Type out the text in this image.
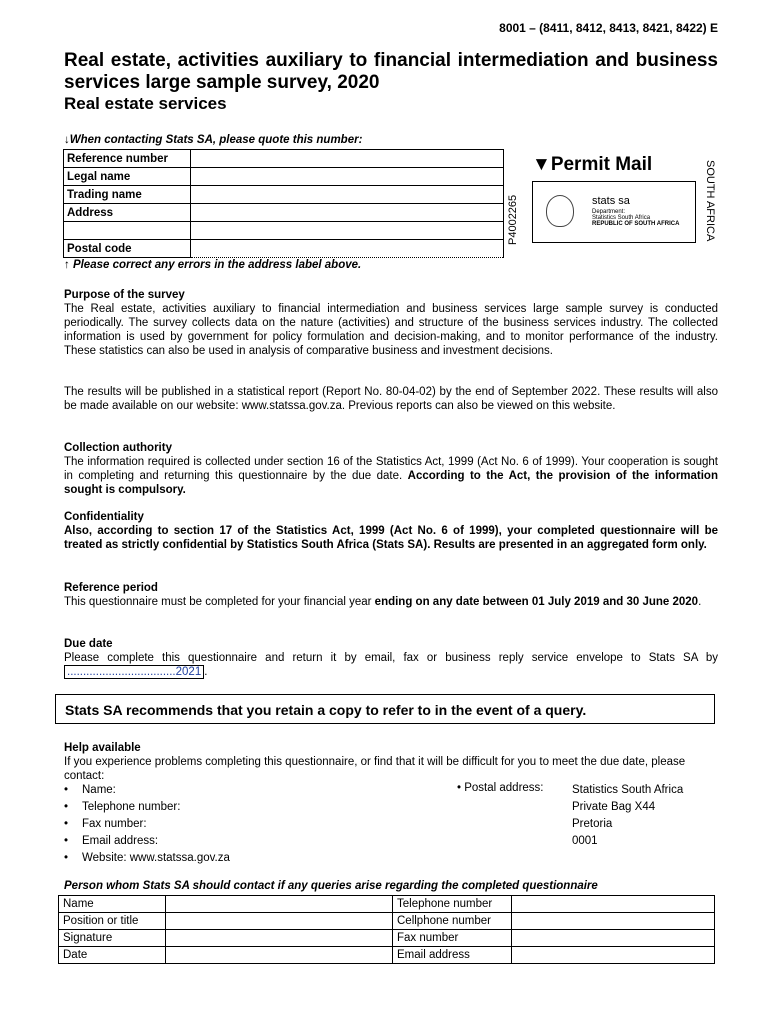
8001 – (8411, 8412, 8413, 8421, 8422) E
Real estate, activities auxiliary to financial intermediation and business services large sample survey, 2020
Real estate services
↓When contacting Stats SA, please quote this number:
Reference number	
Legal name	
Trading name	
Address	

Postal code	
↑ Please correct any errors in the address label above.
P4002265
▼Permit Mail
stats sa
Department:
Statistics South Africa
REPUBLIC OF SOUTH AFRICA SOUTH AFRICA
Purpose of the survey
The Real estate, activities auxiliary to financial intermediation and business services large sample survey is conducted periodically. The survey collects data on the nature (activities) and structure of the business services industry. The collected information is used by government for policy formulation and decision-making, and to monitor performance of the industry. These statistics can also be used in analysis of comparative business and investment decisions.
The results will be published in a statistical report (Report No. 80-04-02) by the end of September 2022. These results will also be made available on our website: www.statssa.gov.za. Previous reports can also be viewed on this website.
Collection authority
The information required is collected under section 16 of the Statistics Act, 1999 (Act No. 6 of 1999). Your cooperation is sought in completing and returning this questionnaire by the due date. According to the Act, the provision of the information sought is compulsory.
Confidentiality
Also, according to section 17 of the Statistics Act, 1999 (Act No. 6 of 1999), your completed questionnaire will be treated as strictly confidential by Statistics South Africa (Stats SA). Results are presented in an aggregated form only.
Reference period
This questionnaire must be completed for your financial year ending on any date between 01 July 2019 and 30 June 2020.
Due date
Please complete this questionnaire and return it by email, fax or business reply service envelope to Stats SA by ..................................2021 .
Stats SA recommends that you retain a copy to refer to in the event of a query.
Help available
If you experience problems completing this questionnaire, or find that it will be difficult for you to meet the due date, please contact:
• Name:
• Telephone number:
• Fax number:
• Email address:
• Website: www.statssa.gov.za
• Postal address: Statistics South Africa
Private Bag X44
Pretoria
0001
Person whom Stats SA should contact if any queries arise regarding the completed questionnaire
Name		Telephone number	
Position or title		Cellphone number	
Signature		Fax number	
Date		Email address	
